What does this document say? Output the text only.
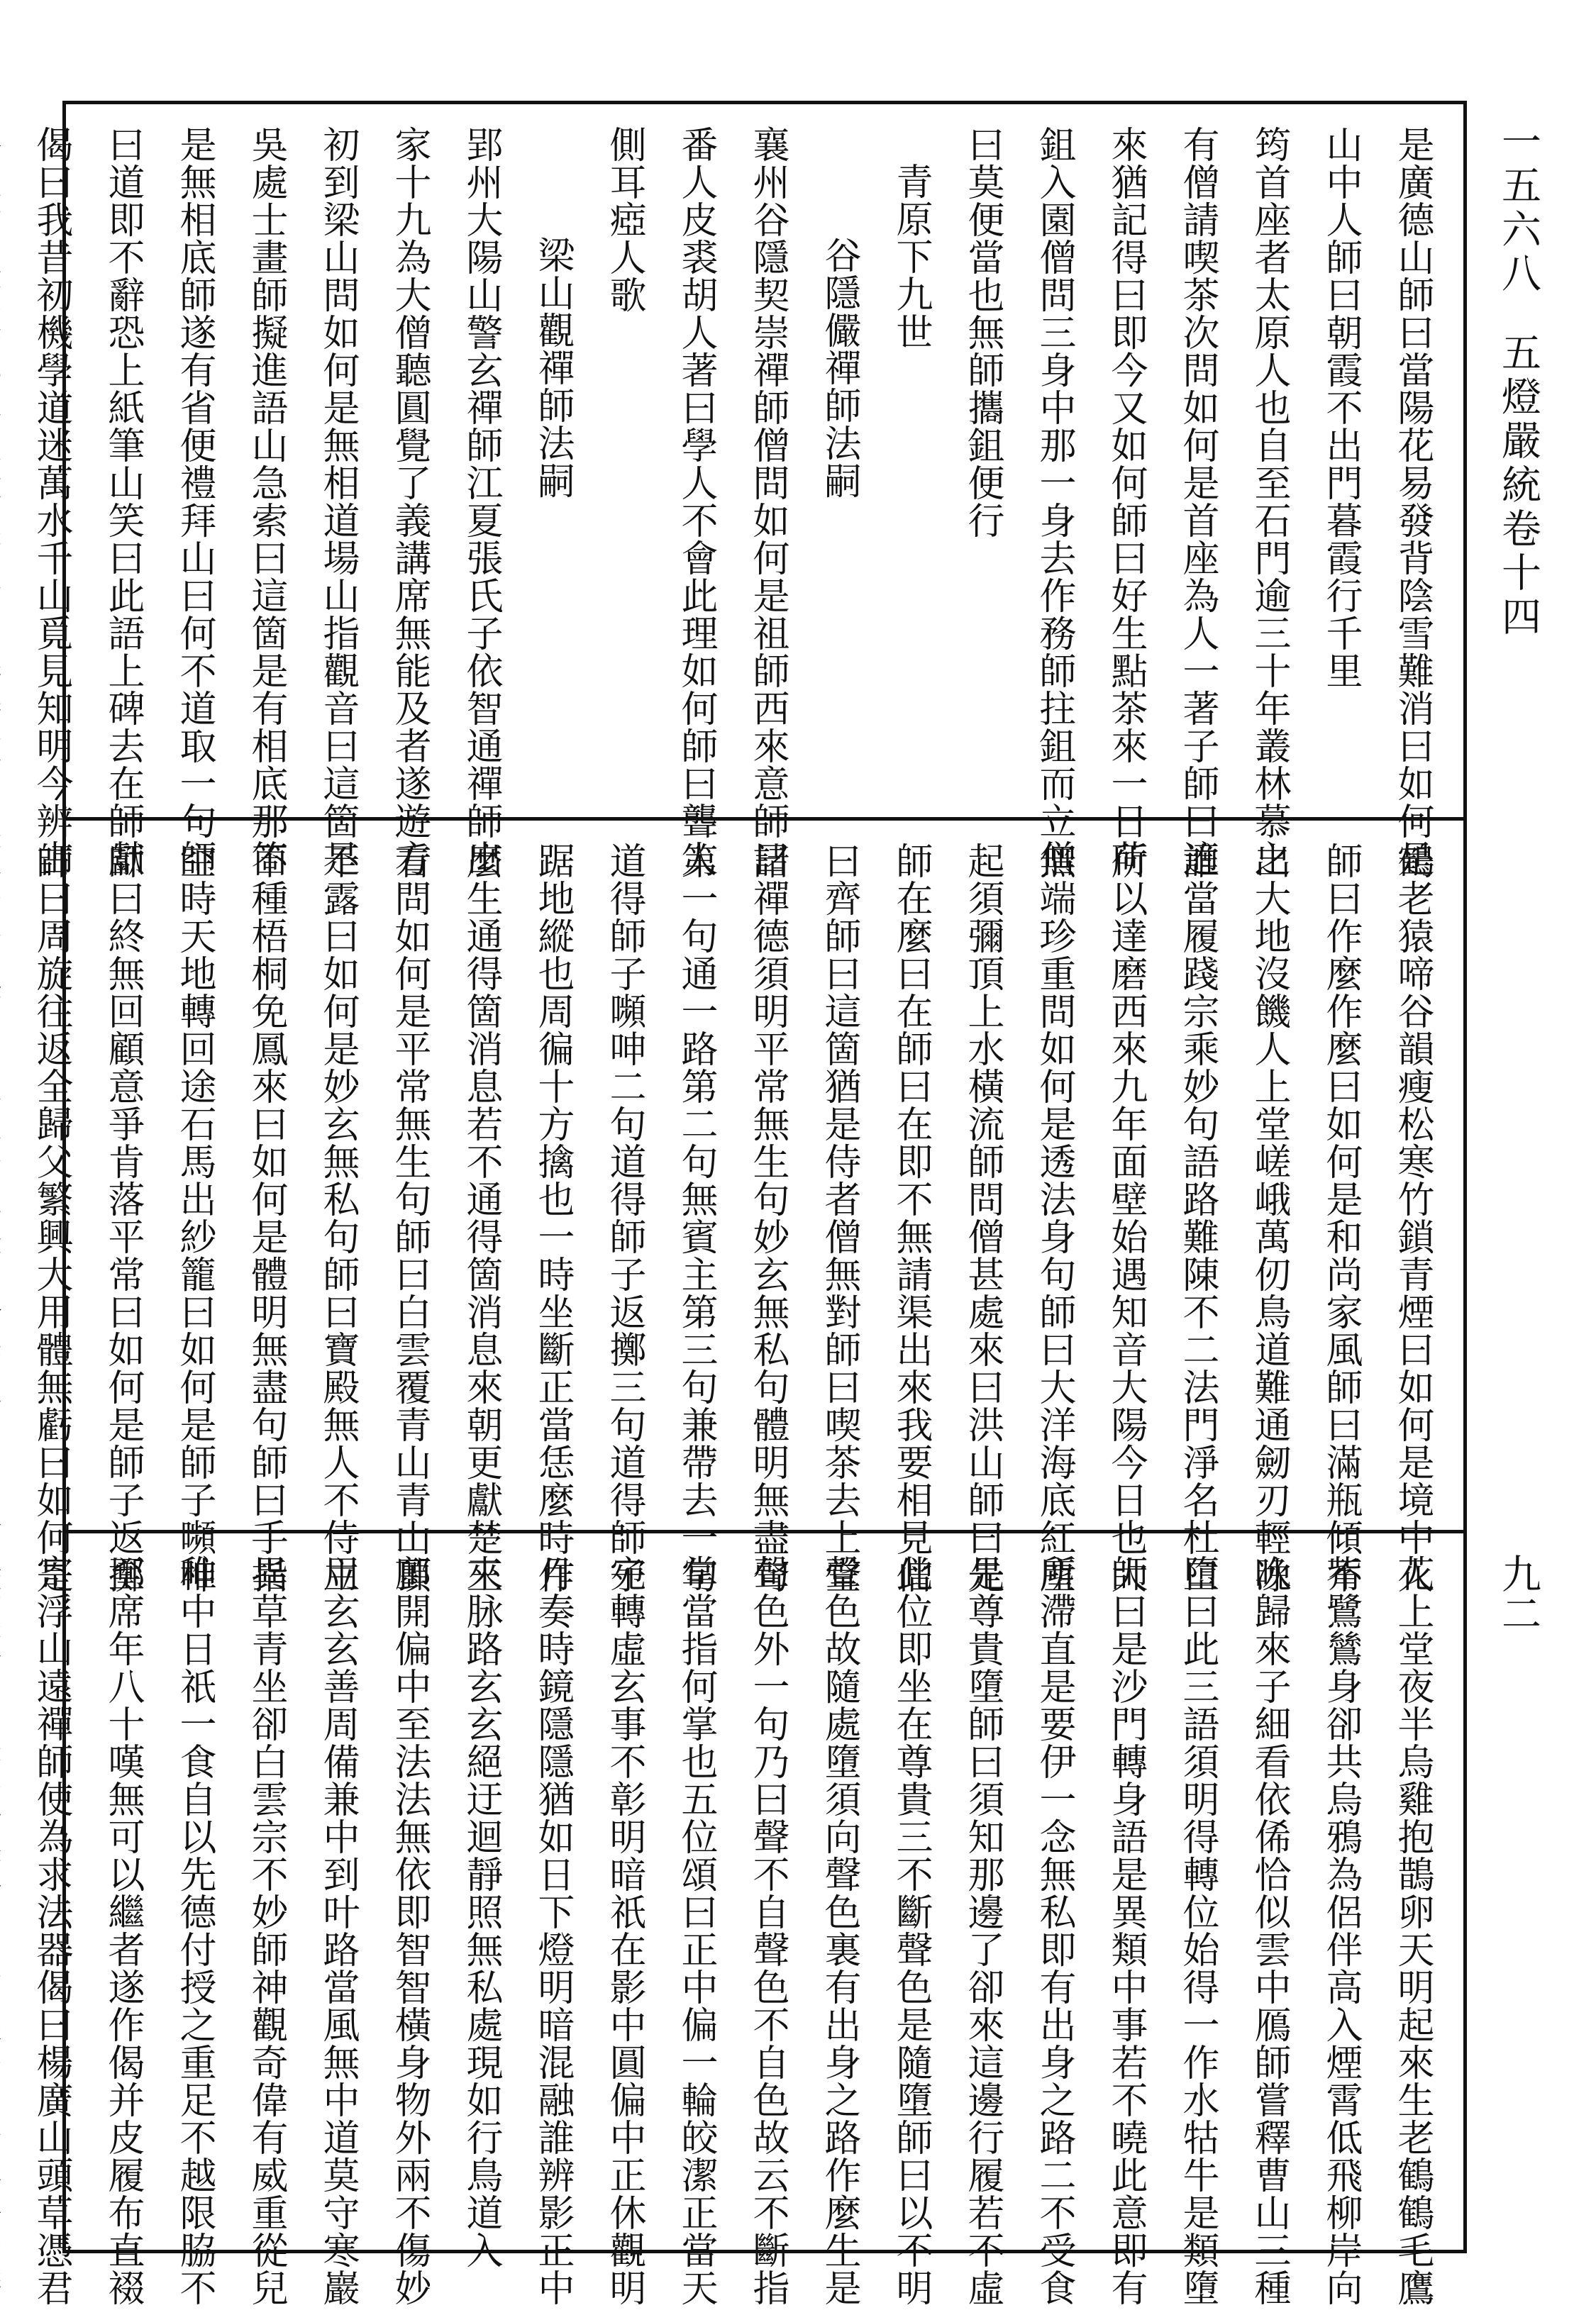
一五六八五燈嚴統卷十四
九二

是廣德山師曰當陽花易發背陰雪難消曰如何是

山中人師曰朝霞不出門暮霞行千里

筠首座者太原人也自至石門逾三十年叢林慕之

有僧請喫茶次問如何是首座為人一著子師曰適

來猶記得曰即今又如何師曰好生點茶來一日荷

鉏入園僧問三身中那一身去作務師拄鉏而立僧

曰莫便當也無師攜鉏便行

青原下九世

谷隱儼禪師法嗣

襄州谷隱契崇禪師僧問如何是祖師西來意師曰

番人皮裘胡人著曰學人不會此理如何師曰聾人

側耳瘂人歌

梁山觀禪師法嗣

郢州大陽山警玄禪師江夏張氏子依智通禪師出

家十九為大僧聽圓覺了義講席無能及者遂遊方

初到梁山問如何是無相道場山指觀音曰這箇是

吳處士畫師擬進語山急索曰這箇是有相底那箇

是無相底師遂有省便禮拜山曰何不道取一句師

曰道即不辭恐上紙筆山笑曰此語上碑去在師獻

偈曰我昔初機學道迷萬水千山覓見知明今辨古

鶴老猿啼谷韻瘦松寒竹鎖青煙曰如何是境中人

師曰作麼作麼曰如何是和尚家風師曰滿瓶傾不

出大地沒饑人上堂嵯峨萬仞鳥道難通劒刃輕冰

誰當履踐宗乘妙句語路難陳不二法門淨名杜口

所以達磨西來九年面壁始遇知音大陽今日也大

無端珍重問如何是透法身句師曰大洋海底紅塵

起須彌頂上水橫流師問僧甚處來曰洪山師曰先

師在麼曰在師曰在即不無請渠出來我要相見僧

曰齊師曰這箇猶是侍者僧無對師曰喫茶去上堂

諸禪德須明平常無生句妙玄無私句體明無盡句

第一句通一路第二句無賓主第三句兼帶去一句

道得師子嚬呻二句道得師子返擲三句道得師子

踞地縱也周徧十方擒也一時坐斷正當恁麼時作

麼生通得箇消息若不通得箇消息來朝更獻楚王

看問如何是平常無生句師曰白雲覆青山青山頂

不露曰如何是妙玄無私句師曰寶殿無人不侍立

不種梧桐免鳳來曰如何是體明無盡句師曰手指

空時天地轉回途石馬出紗籠曰如何是師子嚬呻

師曰終無回顧意爭肯落平常曰如何是師子返擲

師曰周旋往返全歸父繁興大用體無虧曰如何是

花上堂夜半烏雞抱鵲卵天明起來生老鶴鶴毛鷹

觜鷺鷥身卻共烏鴉為侶伴高入煙霄低飛柳岸向

晚歸來子細看依俙恰似雲中鴈師嘗釋曹山三種

墮曰此三語須明得轉位始得一作水牯牛是類墮

師曰是沙門轉身語是異類中事若不曉此意即有

所滯直是要伊一念無私即有出身之路二不受食

是尊貴墮師曰須知那邊了卻來這邊行履若不虛

此位即坐在尊貴三不斷聲色是隨墮師曰以不明

聲色故隨處墮須向聲色裏有出身之路作麼生是

聲色外一句乃曰聲不自聲色不自色故云不斷指

掌當指何掌也五位頌曰正中偏一輪皎潔正當天

宛轉虛玄事不彰明暗祇在影中圓偏中正休觀明

月奏時鏡隱隱猶如日下燈明暗混融誰辨影正中

來脉路玄玄絕迂迴靜照無私處現如行鳥道入

鄽開偏中至法法無依即智智橫身物外兩不傷妙

用玄玄善周備兼中到叶路當風無中道莫守寒巖

異草青坐卻白雲宗不妙師神觀奇偉有威重從兒

稚中日祇一食自以先德付授之重足不越限脇不

至席年八十嘆無可以繼者遂作偈并皮履布直裰

寄浮山遠禪師使為求法器偈曰楊廣山頭草憑君
